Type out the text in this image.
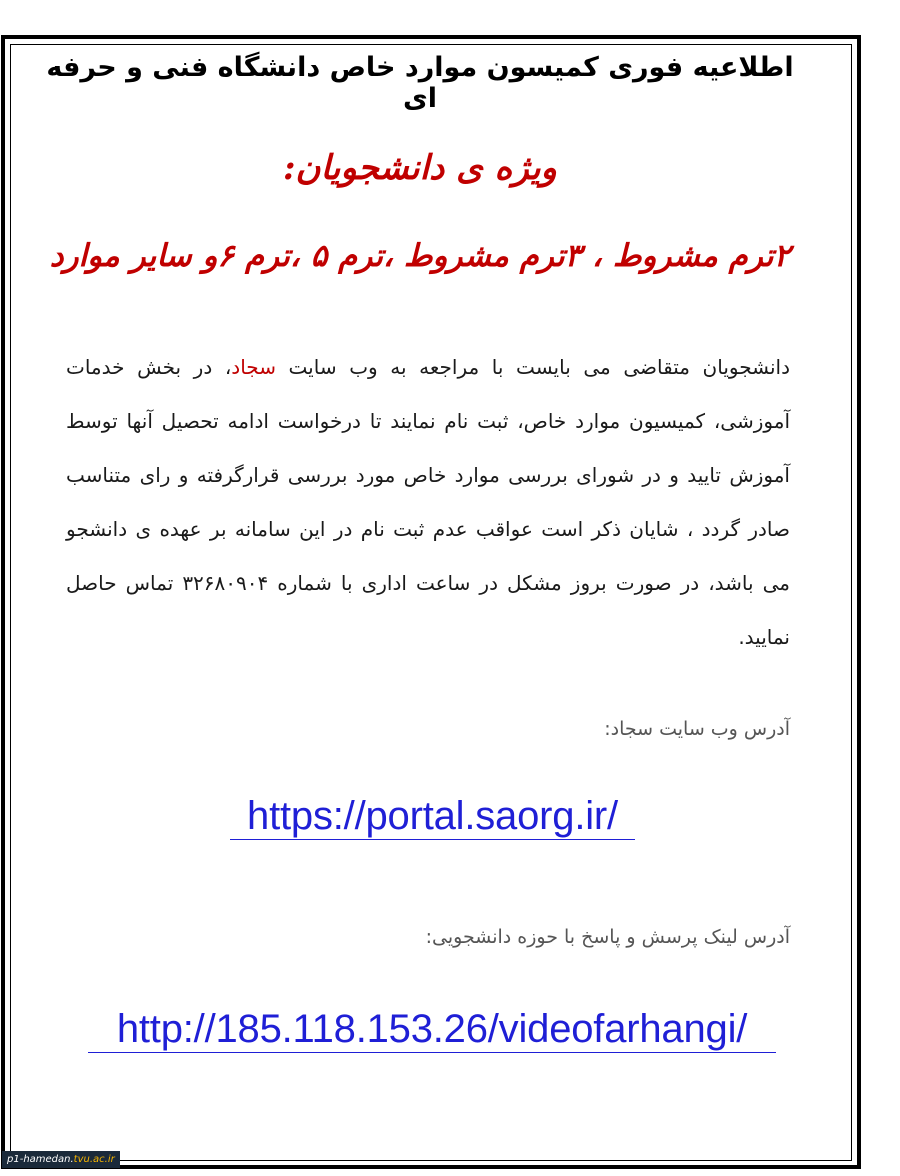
اطلاعیه فوری کمیسون موارد خاص دانشگاه فنی و حرفه ای
ویژه ی دانشجویان:
۲ترم مشروط ، ۳ترم مشروط ،ترم ۵ ،ترم ۶و سایر موارد
دانشجویان متقاضی می بایست با مراجعه به وب سایت سجاد، در بخش خدمات آموزشی، کمیسیون موارد خاص، ثبت نام نمایند تا درخواست ادامه تحصیل آنها توسط آموزش تایید و در شورای بررسی موارد خاص مورد بررسی قرارگرفته و رای متناسب صادر گردد ، شایان ذکر است عواقب عدم ثبت نام در این سامانه بر عهده ی دانشجو می باشد، در صورت بروز مشکل در ساعت اداری با شماره ۳۲۶۸۰۹۰۴ تماس حاصل نمایید.
آدرس وب سایت سجاد:
https://portal.saorg.ir/
آدرس لینک پرسش و پاسخ با حوزه دانشجویی:
http://185.118.153.26/videofarhangi/
p1-hamedan.tvu.ac.ir
